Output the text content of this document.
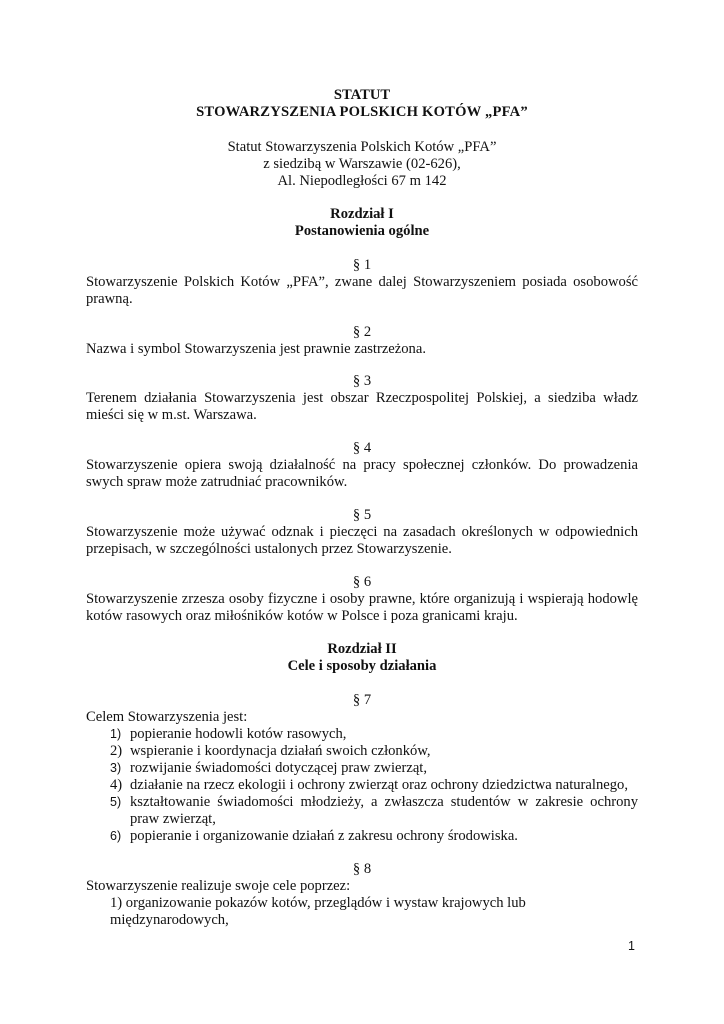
STATUT
STOWARZYSZENIA POLSKICH KOTÓW „PFA”
Statut Stowarzyszenia Polskich Kotów „PFA”
z siedzibą w Warszawie (02-626),
Al. Niepodległości 67 m 142
Rozdział I
Postanowienia ogólne
§ 1
Stowarzyszenie Polskich Kotów „PFA”, zwane dalej Stowarzyszeniem posiada osobowość
prawną.
§ 2
Nazwa i symbol Stowarzyszenia jest prawnie zastrzeżona.
§ 3
Terenem działania Stowarzyszenia jest obszar Rzeczpospolitej Polskiej, a siedziba władz
mieści się w m.st. Warszawa.
§ 4
Stowarzyszenie opiera swoją działalność na pracy społecznej członków. Do prowadzenia
swych spraw może zatrudniać pracowników.
§ 5
Stowarzyszenie może używać odznak i pieczęci na zasadach określonych w odpowiednich
przepisach, w szczególności ustalonych przez Stowarzyszenie.
§ 6
Stowarzyszenie zrzesza osoby fizyczne i osoby prawne, które organizują i wspierają hodowlę
kotów rasowych oraz miłośników kotów w Polsce i poza granicami kraju.
Rozdział II
Cele i sposoby działania
§ 7
Celem Stowarzyszenia jest:
1) popieranie hodowli kotów rasowych,
2) wspieranie i koordynacja działań swoich członków,
3) rozwijanie świadomości dotyczącej praw zwierząt,
4) działanie na rzecz ekologii i ochrony zwierząt oraz ochrony dziedzictwa naturalnego,
5) kształtowanie świadomości młodzieży, a zwłaszcza studentów w zakresie ochrony
praw zwierząt,
6) popieranie i organizowanie działań z zakresu ochrony środowiska.
§ 8
Stowarzyszenie realizuje swoje cele poprzez:
1) organizowanie pokazów kotów, przeglądów i wystaw krajowych lub
międzynarodowych,
1
